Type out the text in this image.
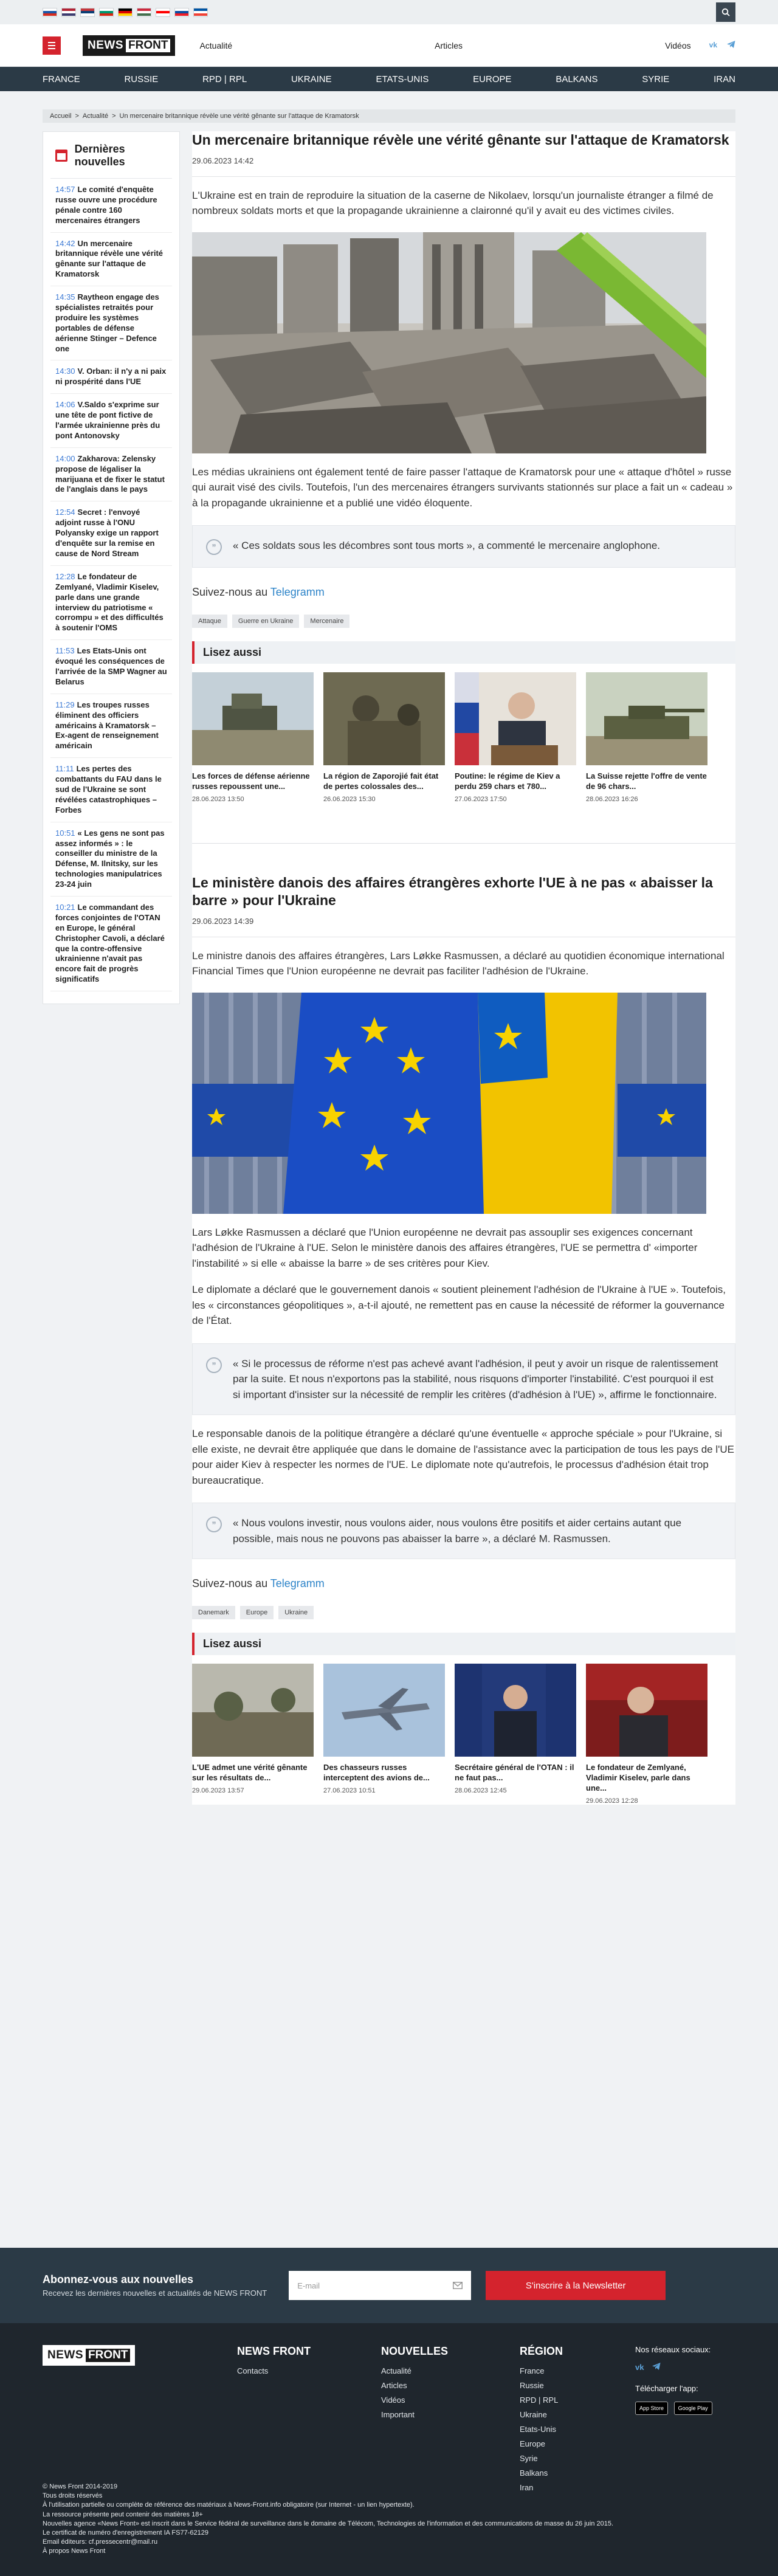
NEWS FRONT	Actualité	Articles	Vidéos	vk
FRANCE	RUSSIE	RPD | RPL	UKRAINE	ETATS-UNIS	EUROPE	BALKANS	SYRIE	IRAN
Accueil > Actualité > Un mercenaire britannique révèle une vérité gênante sur l'attaque de Kramatorsk
Dernières nouvelles
14:57 Le comité d'enquête russe ouvre une procédure pénale contre 160 mercenaires étrangers
14:42 Un mercenaire britannique révèle une vérité gênante sur l'attaque de Kramatorsk
14:35 Raytheon engage des spécialistes retraités pour produire les systèmes portables de défense aérienne Stinger – Defence one
14:30 V. Orban: il n'y a ni paix ni prospérité dans l'UE
14:06 V.Saldo s'exprime sur une tête de pont fictive de l'armée ukrainienne près du pont Antonovsky
14:00 Zakharova: Zelensky propose de légaliser la marijuana et de fixer le statut de l'anglais dans le pays
12:54 Secret : l'envoyé adjoint russe à l'ONU Polyansky exige un rapport d'enquête sur la remise en cause de Nord Stream
12:28 Le fondateur de Zemlyané, Vladimir Kiselev, parle dans une grande interview du patriotisme « corrompu » et des difficultés à soutenir l'OMS
11:53 Les Etats-Unis ont évoqué les conséquences de l'arrivée de la SMP Wagner au Belarus
11:29 Les troupes russes éliminent des officiers américains à Kramatorsk – Ex-agent de renseignement américain
11:11 Les pertes des combattants du FAU dans le sud de l'Ukraine se sont révélées catastrophiques – Forbes
10:51 « Les gens ne sont pas assez informés » : le conseiller du ministre de la Défense, M. Ilnitsky, sur les technologies manipulatrices 23-24 juin
10:21 Le commandant des forces conjointes de l'OTAN en Europe, le général Christopher Cavoli, a déclaré que la contre-offensive ukrainienne n'avait pas encore fait de progrès significatifs
Un mercenaire britannique révèle une vérité gênante sur l'attaque de Kramatorsk
29.06.2023 14:42

L'Ukraine est en train de reproduire la situation de la caserne de Nikolaev, lorsqu'un journaliste étranger a filmé de nombreux soldats morts et que la propagande ukrainienne a claironné qu'il y avait eu des victimes civiles.

Les médias ukrainiens ont également tenté de faire passer l'attaque de Kramatorsk pour une « attaque d'hôtel » russe qui aurait visé des civils. Toutefois, l'un des mercenaires étrangers survivants stationnés sur place a fait un « cadeau » à la propagande ukrainienne et a publié une vidéo éloquente.

”	« Ces soldats sous les décombres sont tous morts », a commenté le mercenaire anglophone.

Suivez-nous au Telegramm
Attaque	Guerre en Ukraine	Mercenaire
Lisez aussi
Les forces de défense aérienne russes repoussent une...
28.06.2023 13:50
La région de Zaporojié fait état de pertes colossales des...
26.06.2023 15:30
Poutine: le régime de Kiev a perdu 259 chars et 780...
27.06.2023 17:50
La Suisse rejette l'offre de vente de 96 chars...
28.06.2023 16:26
Le ministère danois des affaires étrangères exhorte l'UE à ne pas « abaisser la barre » pour l'Ukraine
29.06.2023 14:39

Le ministre danois des affaires étrangères, Lars Løkke Rasmussen, a déclaré au quotidien économique international Financial Times que l'Union européenne ne devrait pas faciliter l'adhésion de l'Ukraine.

Lars Løkke Rasmussen a déclaré que l'Union européenne ne devrait pas assouplir ses exigences concernant l'adhésion de l'Ukraine à l'UE. Selon le ministère danois des affaires étrangères, l'UE se permettra d' «importer l'instabilité » si elle « abaisse la barre » de ses critères pour Kiev.

Le diplomate a déclaré que le gouvernement danois « soutient pleinement l'adhésion de l'Ukraine à l'UE ». Toutefois, les « circonstances géopolitiques », a-t-il ajouté, ne remettent pas en cause la nécessité de réformer la gouvernance de l'État.

”	« Si le processus de réforme n'est pas achevé avant l'adhésion, il peut y avoir un risque de ralentissement par la suite. Et nous n'exportons pas la stabilité, nous risquons d'importer l'instabilité. C'est pourquoi il est si important d'insister sur la nécessité de remplir les critères (d'adhésion à l'UE) », affirme le fonctionnaire.

Le responsable danois de la politique étrangère a déclaré qu'une éventuelle « approche spéciale » pour l'Ukraine, si elle existe, ne devrait être appliquée que dans le domaine de l'assistance avec la participation de tous les pays de l'UE pour aider Kiev à respecter les normes de l'UE. Le diplomate note qu'autrefois, le processus d'adhésion était trop bureaucratique.

”	« Nous voulons investir, nous voulons aider, nous voulons être positifs et aider certains autant que possible, mais nous ne pouvons pas abaisser la barre », a déclaré M. Rasmussen.

Suivez-nous au Telegramm
Danemark	Europe	Ukraine
Lisez aussi
L'UE admet une vérité gênante sur les résultats de...
29.06.2023 13:57
Des chasseurs russes interceptent des avions de...
27.06.2023 10:51
Secrétaire général de l'OTAN : il ne faut pas...
28.06.2023 12:45
Le fondateur de Zemlyané, Vladimir Kiselev, parle dans une...
29.06.2023 12:28
Abonnez-vous aux nouvelles

Recevez les dernières nouvelles et actualités de NEWS FRONT

E-mail	S'inscrire à la Newsletter
NEWS FRONT	NEWS FRONT
Contacts
NOUVELLES
Actualité
Articles
Vidéos
Important
RÉGION
France
Russie
RPD | RPL
Ukraine
Etats-Unis
Europe
Syrie
Balkans
Iran
Nos réseaux sociaux:
vk
Télécharger l'app:
App Store	Google Play
© News Front 2014-2019
Tous droits réservés
À l'utilisation partielle ou complète de référence des matériaux à News-Front.info obligatoire (sur Internet - un lien hypertexte).
La ressource présente peut contenir des matières 18+
Nouvelles agence «News Front» est inscrit dans le Service fédéral de surveillance dans le domaine de Télécom, Technologies de l'information et des communications de masse du 26 juin 2015.
Le certificat de numéro d'enregistrement IA FS77-62129
Email éditeurs: cf.pressecentr@mail.ru
À propos News Front
